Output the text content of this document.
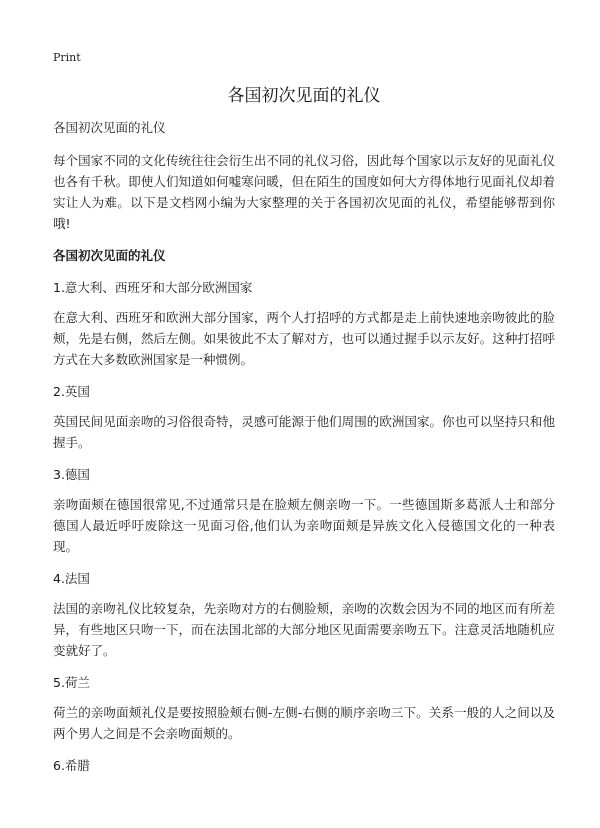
Print
各国初次见面的礼仪

各国初次见面的礼仪

每个国家不同的文化传统往往会衍生出不同的礼仪习俗，因此每个国家以示友好的见面礼仪也各有千秋。即使人们知道如何嘘寒问暖，但在陌生的国度如何大方得体地行见面礼仪却着实让人为难。以下是文档网小编为大家整理的关于各国初次见面的礼仪，希望能够帮到你哦!

各国初次见面的礼仪

1.意大利、西班牙和大部分欧洲国家

在意大利、西班牙和欧洲大部分国家，两个人打招呼的方式都是走上前快速地亲吻彼此的脸颊，先是右侧，然后左侧。如果彼此不太了解对方，也可以通过握手以示友好。这种打招呼方式在大多数欧洲国家是一种惯例。

2.英国

英国民间见面亲吻的习俗很奇特，灵感可能源于他们周围的欧洲国家。你也可以坚持只和他握手。

3.德国

亲吻面颊在德国很常见,不过通常只是在脸颊左侧亲吻一下。一些德国斯多葛派人士和部分德国人最近呼吁废除这一见面习俗,他们认为亲吻面颊是异族文化入侵德国文化的一种表现。

4.法国

法国的亲吻礼仪比较复杂，先亲吻对方的右侧脸颊，亲吻的次数会因为不同的地区而有所差异，有些地区只吻一下，而在法国北部的大部分地区见面需要亲吻五下。注意灵活地随机应变就好了。

5.荷兰

荷兰的亲吻面颊礼仪是要按照脸颊右侧-左侧-右侧的顺序亲吻三下。关系一般的人之间以及两个男人之间是不会亲吻面颊的。

6.希腊
